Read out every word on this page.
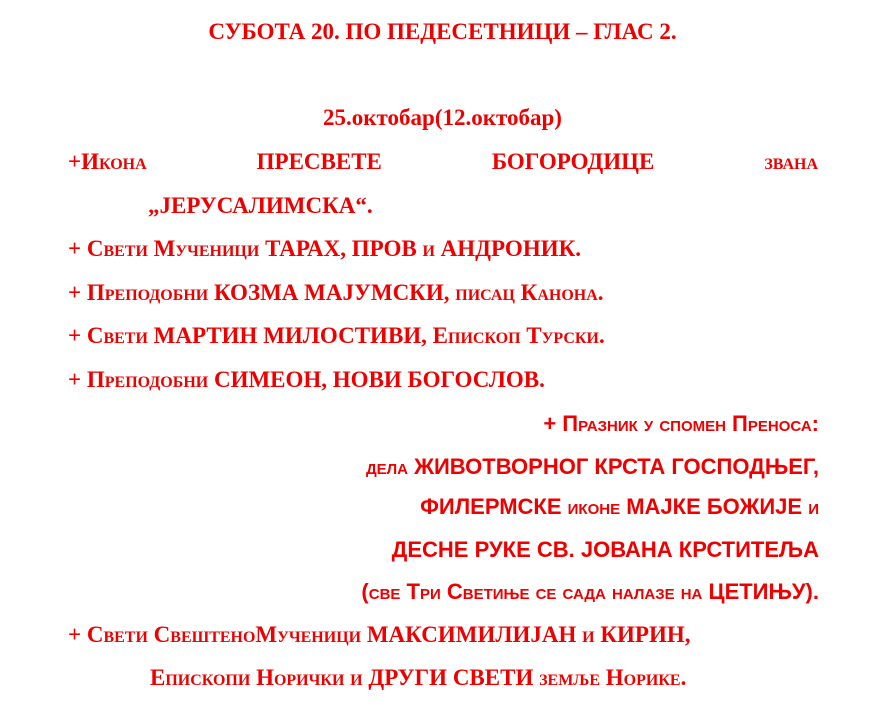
СУБОТА 20. ПО ПЕДЕСЕТНИЦИ – ГЛАС 2.
25.октобар(12.октобар)
+Икона	ПРЕСВЕТЕ	БОГОРОДИЦЕ	звана
„ЈЕРУСАЛИМСКА“.
+ Свети Мученици ТАРАХ, ПРОВ и АНДРОНИК.
+ Преподобни КОЗМА МАЈУМСКИ, писац Канона.
+ Свети МАРТИН МИЛОСТИВИ, Епископ Турски.
+ Преподобни СИМЕОН, НОВИ БОГОСЛОВ.
+ Празник у спомен Преноса:
дела ЖИВОТВОРНОГ КРСТА ГОСПОДЊЕГ,
ФИЛЕРМСКЕ иконе МАЈКЕ БОЖИЈЕ и
ДЕСНЕ РУКЕ СВ. ЈОВАНА КРСТИТЕЉА
(све Три Светиње се сада налазе на ЦЕТИЊУ).
+ Свети СвештеноМученици МАКСИМИЛИЈАН и КИРИН,
Епископи Норички и ДРУГИ СВЕТИ земље Норике.
